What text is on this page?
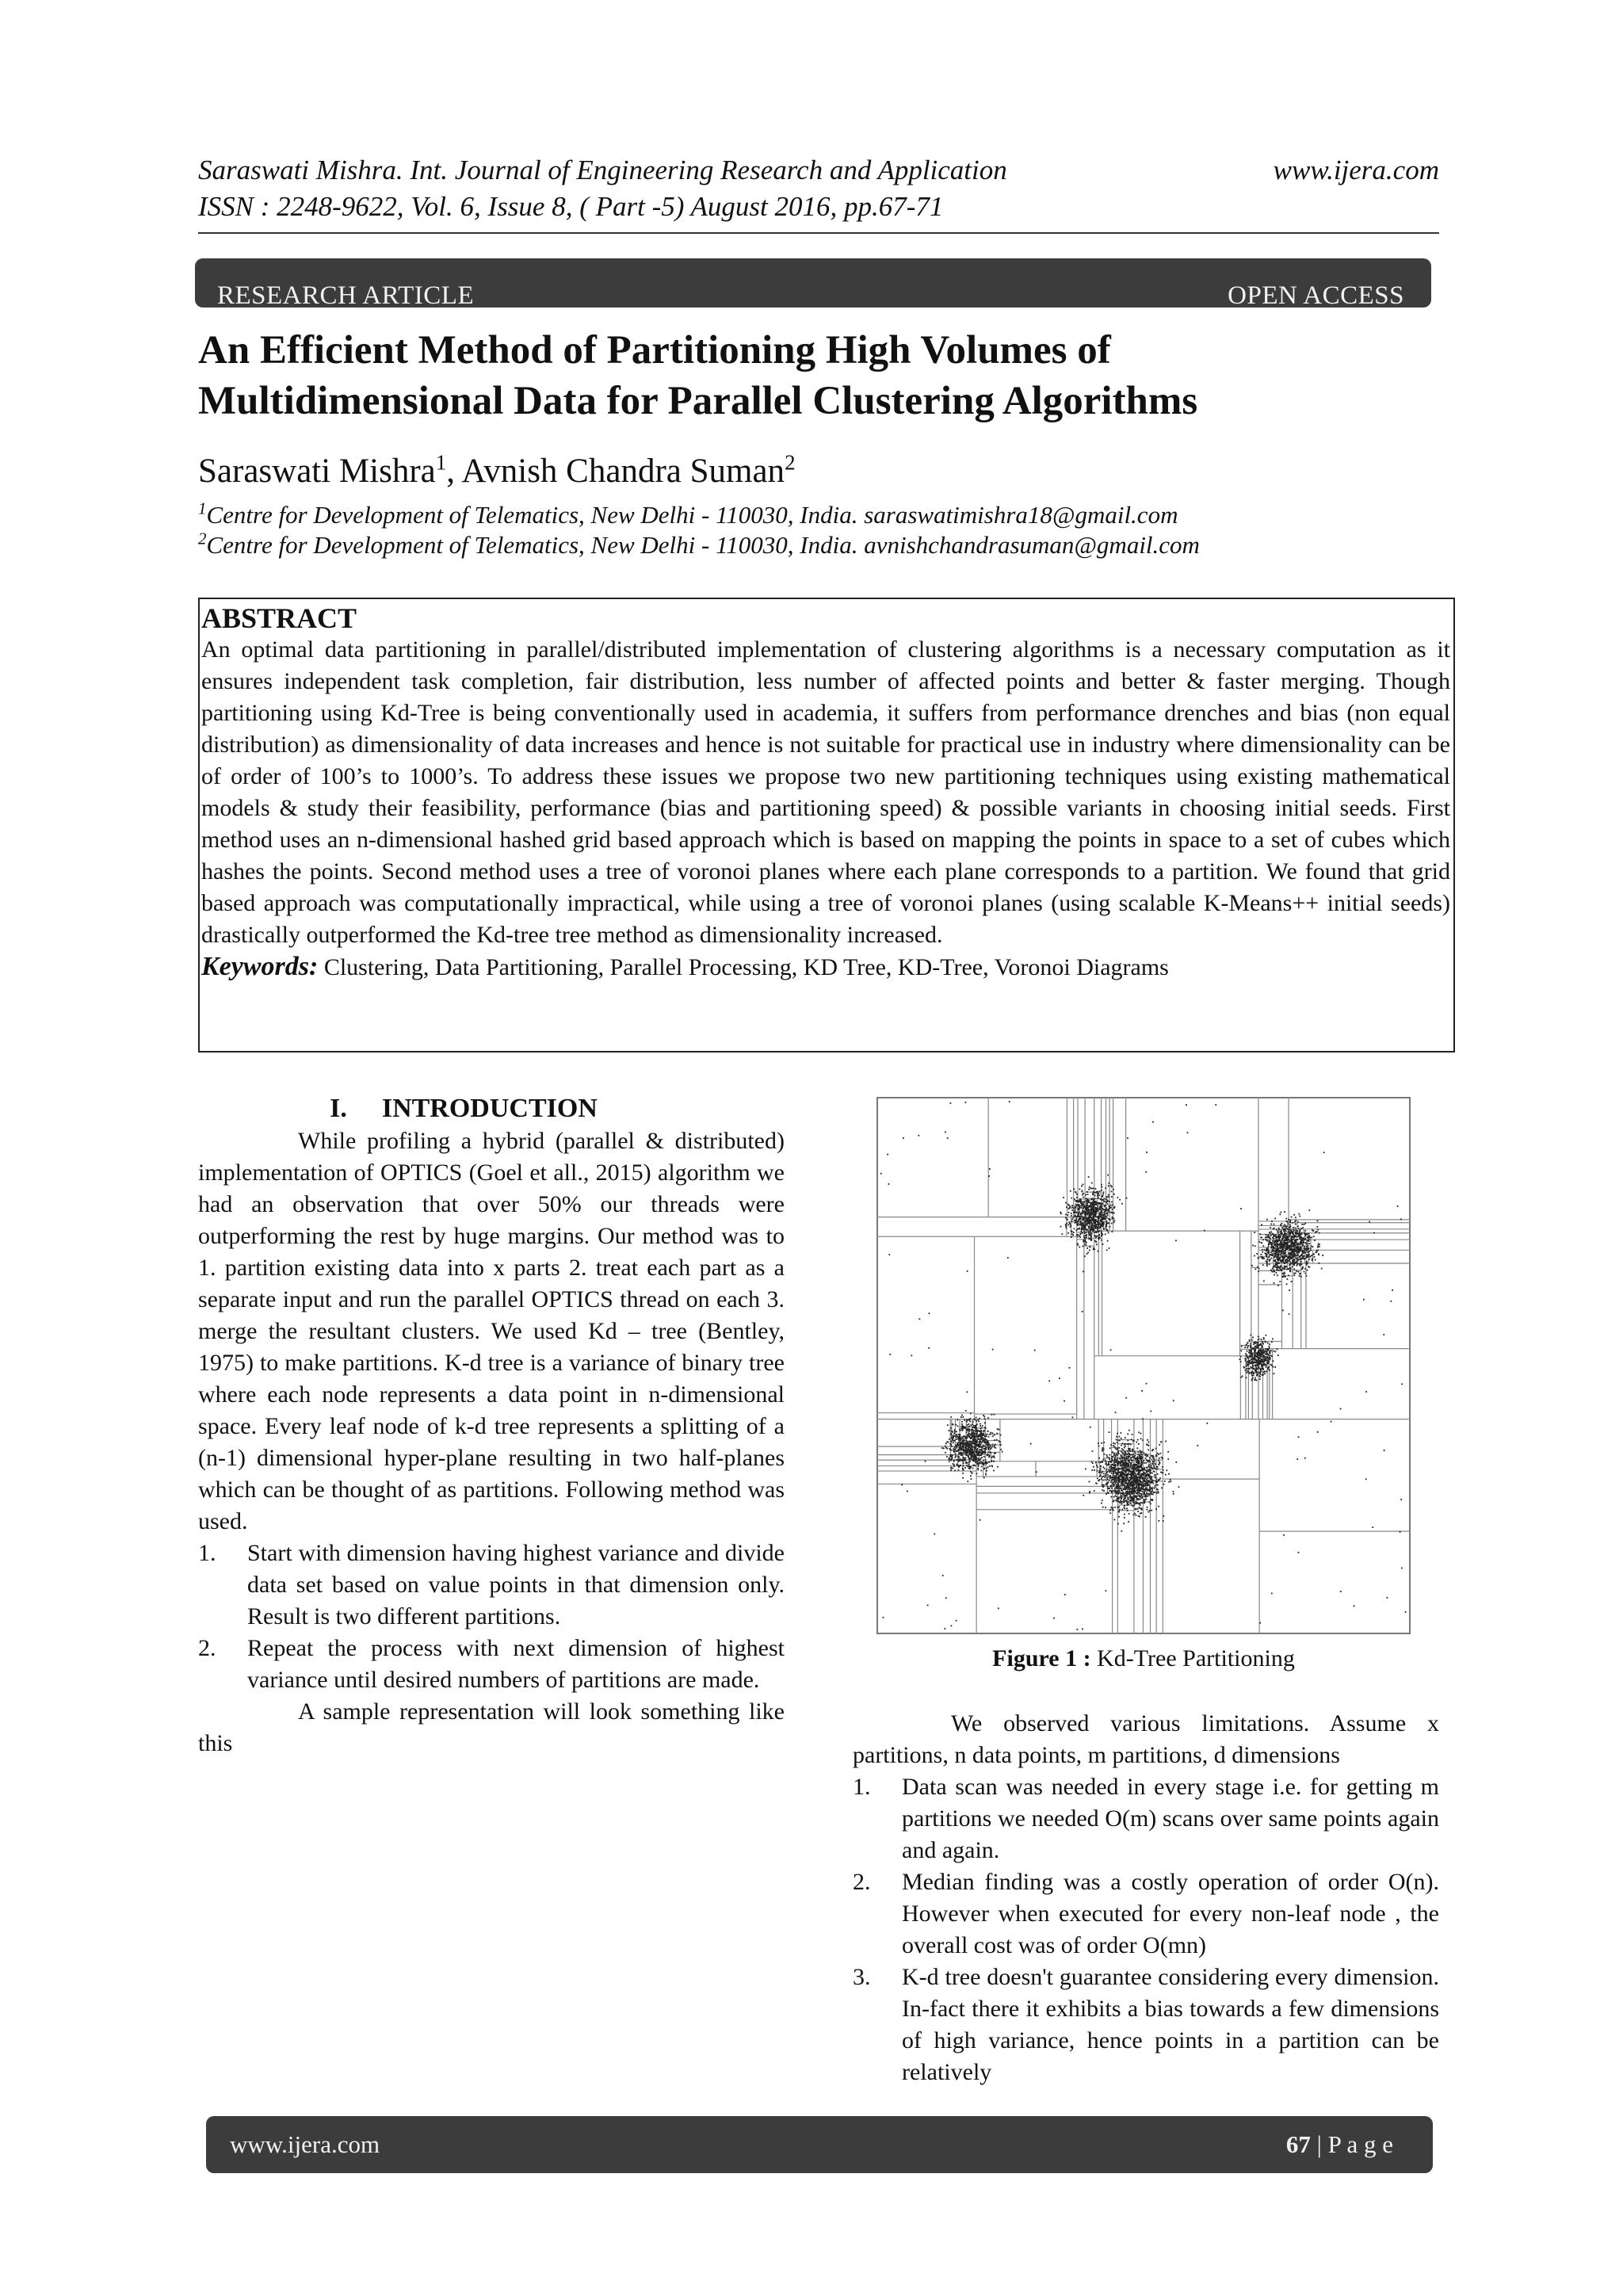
Saraswati Mishra. Int. Journal of Engineering Research and Application	www.ijera.com
ISSN : 2248-9622, Vol. 6, Issue 8, ( Part -5) August 2016, pp.67-71
RESEARCH ARTICLE	OPEN ACCESS
An Efficient Method of Partitioning High Volumes of
Multidimensional Data for Parallel Clustering Algorithms
Saraswati Mishra$^1$, Avnish Chandra Suman$^2$
$^1$Centre for Development of Telematics, New Delhi - 110030, India. saraswatimishra18@gmail.com
$^2$Centre for Development of Telematics, New Delhi - 110030, India. avnishchandrasuman@gmail.com
ABSTRACT
An optimal data partitioning in parallel/distributed implementation of clustering algorithms is a necessary computation as it ensures independent task completion, fair distribution, less number of affected points and better & faster merging. Though partitioning using Kd-Tree is being conventionally used in academia, it suffers from performance drenches and bias (non equal distribution) as dimensionality of data increases and hence is not suitable for practical use in industry where dimensionality can be of order of 100’s to 1000’s. To address these issues we propose two new partitioning techniques using existing mathematical models & study their feasibility, performance (bias and partitioning speed) & possible variants in choosing initial seeds. First method uses an n-dimensional hashed grid based approach which is based on mapping the points in space to a set of cubes which hashes the points. Second method uses a tree of voronoi planes where each plane corresponds to a partition. We found that grid based approach was computationally impractical, while using a tree of voronoi planes (using scalable K-Means++ initial seeds) drastically outperformed the Kd-tree tree method as dimensionality increased.
Keywords: Clustering, Data Partitioning, Parallel Processing, KD Tree, KD-Tree, Voronoi Diagrams
I. INTRODUCTION
While profiling a hybrid (parallel & distributed) implementation of OPTICS (Goel et all., 2015) algorithm we had an observation that over 50% our threads were outperforming the rest by huge margins. Our method was to 1. partition existing data into x parts 2. treat each part as a separate input and run the parallel OPTICS thread on each 3. merge the resultant clusters. We used Kd – tree (Bentley, 1975) to make partitions. K-d tree is a variance of binary tree where each node represents a data point in n-dimensional space. Every leaf node of k-d tree represents a splitting of a (n-1) dimensional hyper-plane resulting in two half-planes which can be thought of as partitions. Following method was used.
1. Start with dimension having highest variance and divide data set based on value points in that dimension only. Result is two different partitions.
2. Repeat the process with next dimension of highest variance until desired numbers of partitions are made.
A sample representation will look something like this
Figure 1 : Kd-Tree Partitioning
We observed various limitations. Assume x partitions, n data points, m partitions, d dimensions
1. Data scan was needed in every stage i.e. for getting m partitions we needed O(m) scans over same points again and again.
2. Median finding was a costly operation of order O(n). However when executed for every non-leaf node , the overall cost was of order O(mn)
3. K-d tree doesn't guarantee considering every dimension. In-fact there it exhibits a bias towards a few dimensions of high variance, hence points in a partition can be relatively
www.ijera.com	67 | P a g e
